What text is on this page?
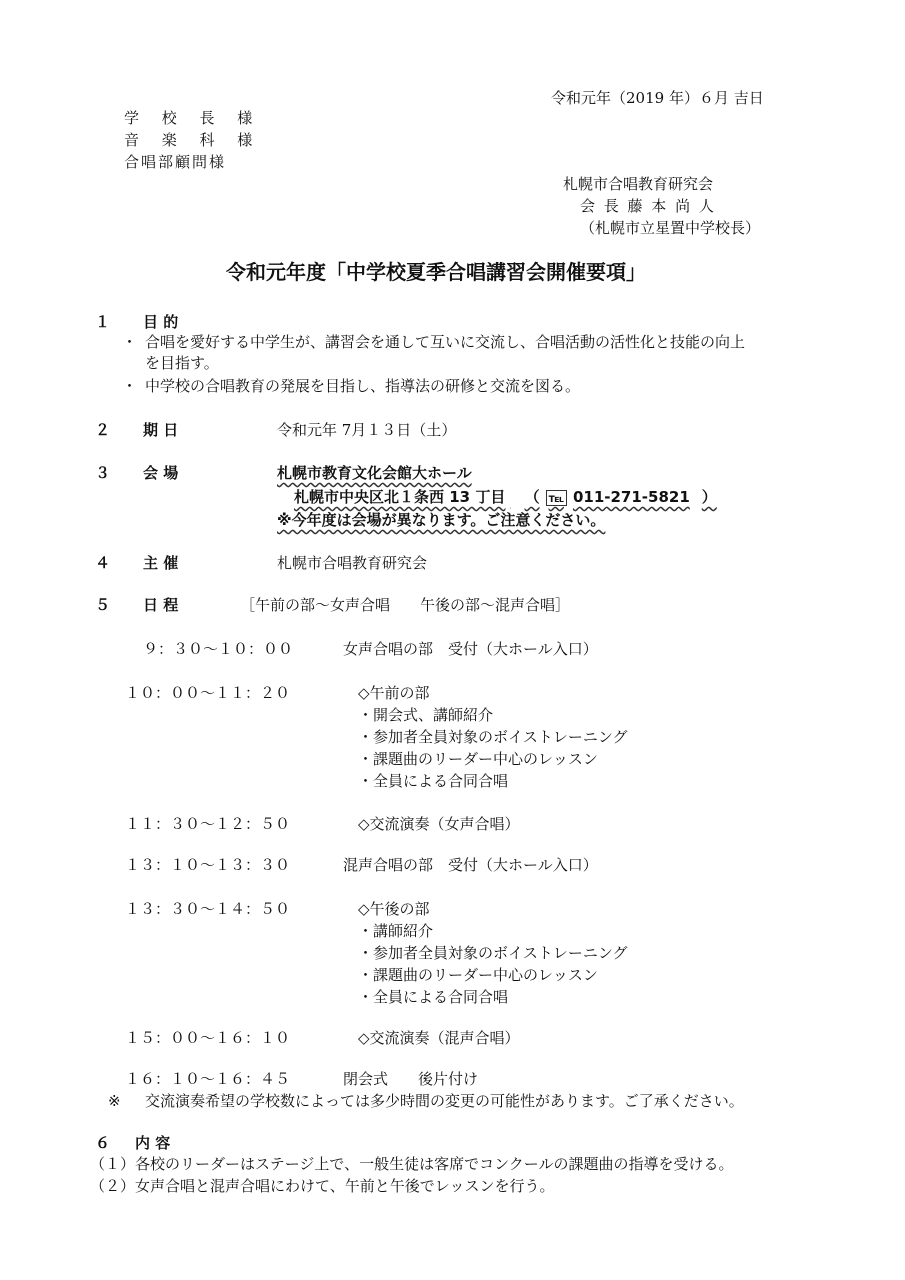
令和元年（2019 年）６月 吉日
学 校 長 様
音 楽 科 様
合唱部顧問様
札幌市合唱教育研究会
会 長 藤 本 尚 人
（札幌市立星置中学校長）
令和元年度「中学校夏季合唱講習会開催要項」
１ 目 的
・ 合唱を愛好する中学生が、講習会を通して互いに交流し、合唱活動の活性化と技能の向上
を目指す。
・ 中学校の合唱教育の発展を目指し、指導法の研修と交流を図る。
２ 期 日	令和元年 7月１３日（土）
３ 会 場	札幌市教育文化会館大ホール
札幌市中央区北１条西 13 丁目 （ ℡ 011-271-5821 ）
※今年度は会場が異なります。ご注意ください。
４ 主 催	札幌市合唱教育研究会
５ 日 程	［午前の部～女声合唱　　午後の部～混声合唱］
９：３０～１０：００	女声合唱の部　受付（大ホール入口）
１０：００～１１：２０	◇午前の部
・開会式、講師紹介
・参加者全員対象のボイストレーニング
・課題曲のリーダー中心のレッスン
・全員による合同合唱
１１：３０～１２：５０	◇交流演奏（女声合唱）
１３：１０～１３：３０	混声合唱の部　受付（大ホール入口）
１３：３０～１４：５０	◇午後の部
・講師紹介
・参加者全員対象のボイストレーニング
・課題曲のリーダー中心のレッスン
・全員による合同合唱
１５：００～１６：１０	◇交流演奏（混声合唱）
１６：１０～１６：４５	閉会式　　後片付け
※ 交流演奏希望の学校数によっては多少時間の変更の可能性があります。ご了承ください。
６ 内 容
（１）各校のリーダーはステージ上で、一般生徒は客席でコンクールの課題曲の指導を受ける。
（２）女声合唱と混声合唱にわけて、午前と午後でレッスンを行う。
